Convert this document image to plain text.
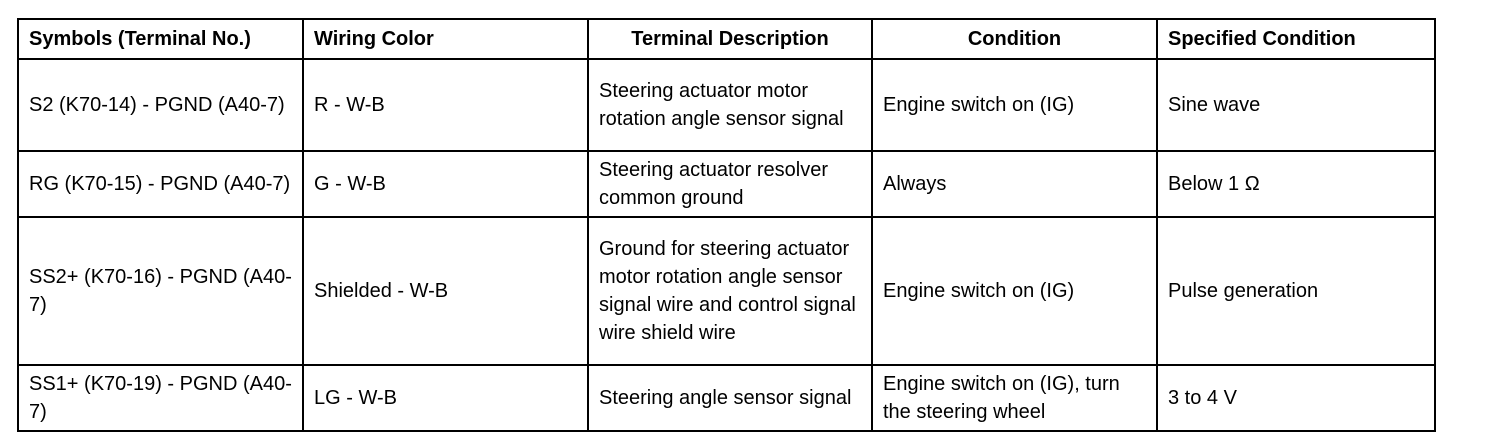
Symbols (Terminal No.)	Wiring Color	Terminal Description	Condition	Specified Condition
S2 (K70-14) - PGND (A40-7)	R - W-B	Steering actuator motor rotation angle sensor signal	Engine switch on (IG)	Sine wave
RG (K70-15) - PGND (A40-7)	G - W-B	Steering actuator resolver common ground	Always	Below 1 Ω
SS2+ (K70-16) - PGND (A40-7)	Shielded - W-B	Ground for steering actuator motor rotation angle sensor signal wire and control signal wire shield wire	Engine switch on (IG)	Pulse generation
SS1+ (K70-19) - PGND (A40-7)	LG - W-B	Steering angle sensor signal	Engine switch on (IG), turn the steering wheel	3 to 4 V
